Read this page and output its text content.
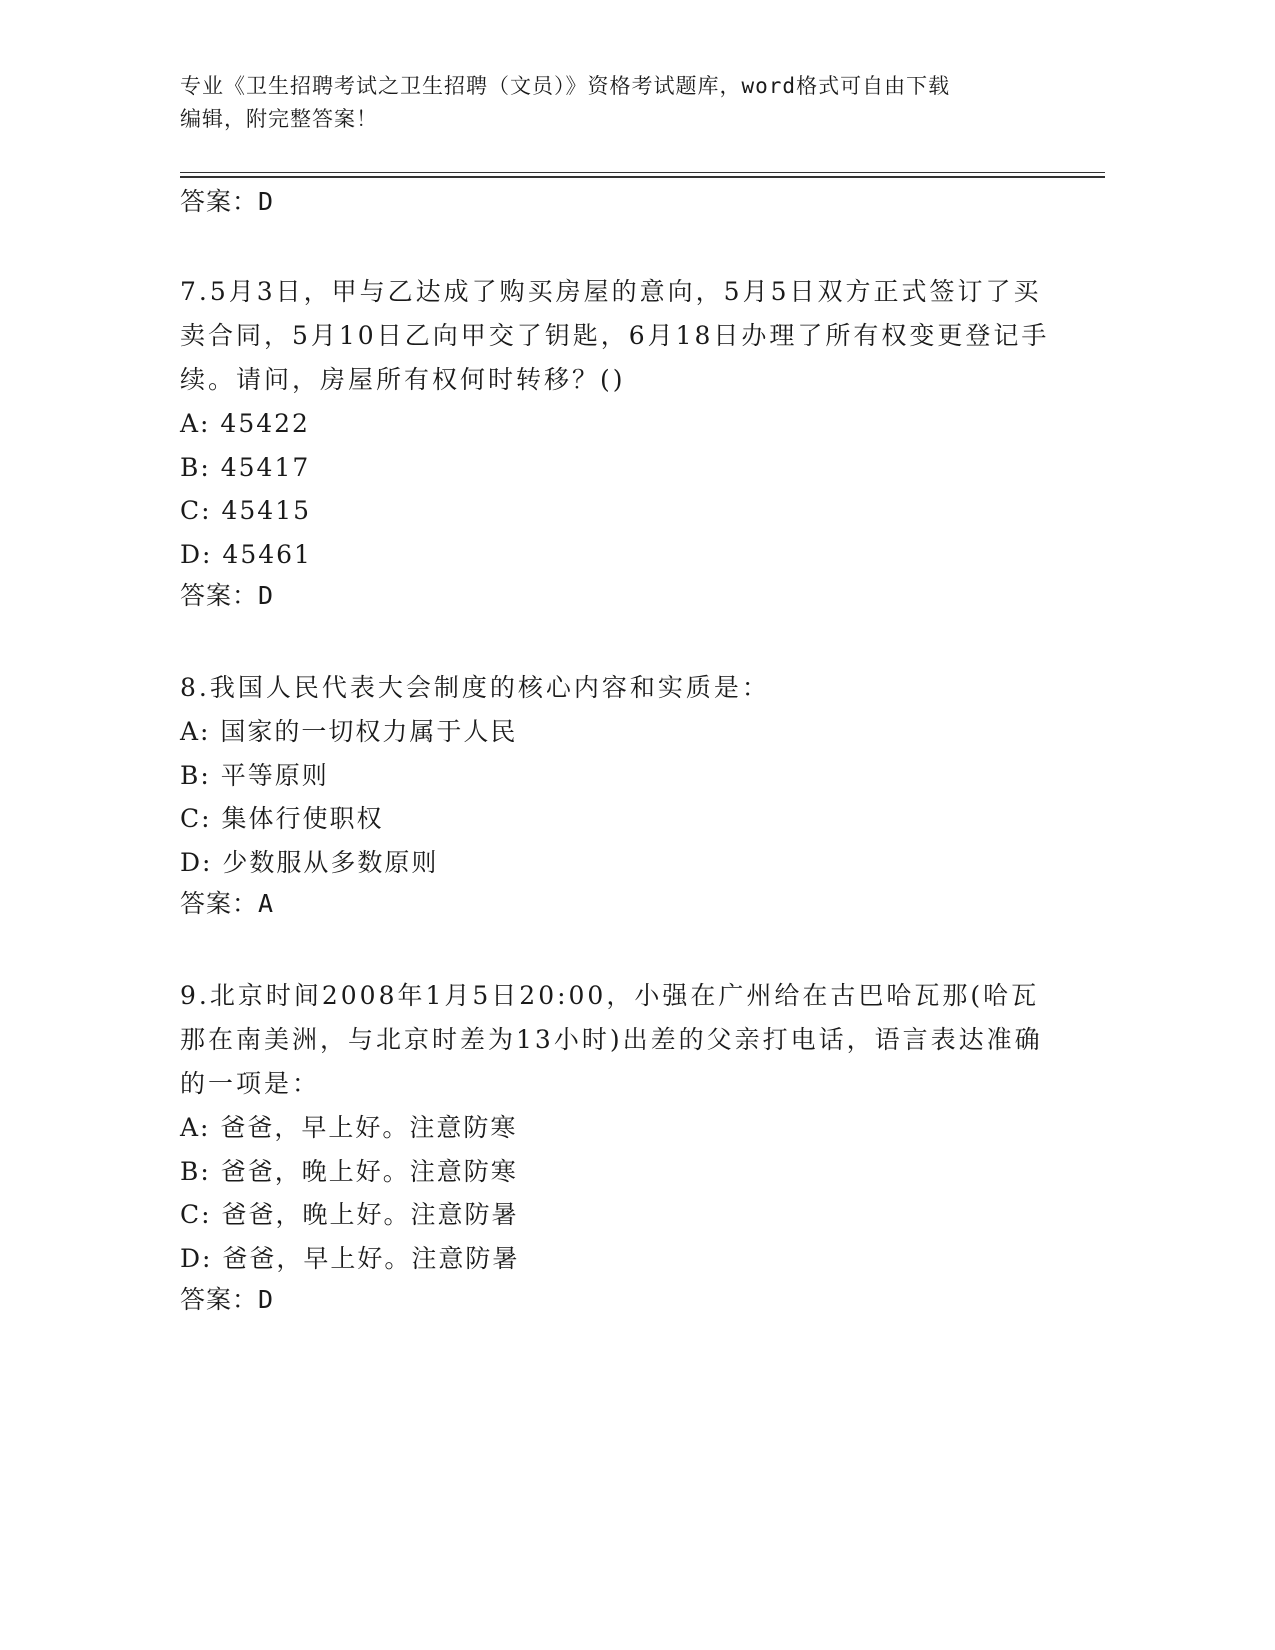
专业《卫生招聘考试之卫生招聘（文员）》资格考试题库，word格式可自由下载
编辑，附完整答案！
答案：D
7.5月3日，甲与乙达成了购买房屋的意向，5月5日双方正式签订了买卖合同，5月10日乙向甲交了钥匙，6月18日办理了所有权变更登记手续。请问，房屋所有权何时转移？()
A: 45422
B: 45417
C: 45415
D: 45461
答案：D
8.我国人民代表大会制度的核心内容和实质是：
A: 国家的一切权力属于人民
B: 平等原则
C: 集体行使职权
D: 少数服从多数原则
答案：A
9.北京时间2008年1月5日20:00，小强在广州给在古巴哈瓦那(哈瓦那在南美洲，与北京时差为13小时)出差的父亲打电话，语言表达准确的一项是：
A: 爸爸，早上好。注意防寒
B: 爸爸，晚上好。注意防寒
C: 爸爸，晚上好。注意防暑
D: 爸爸，早上好。注意防暑
答案：D
